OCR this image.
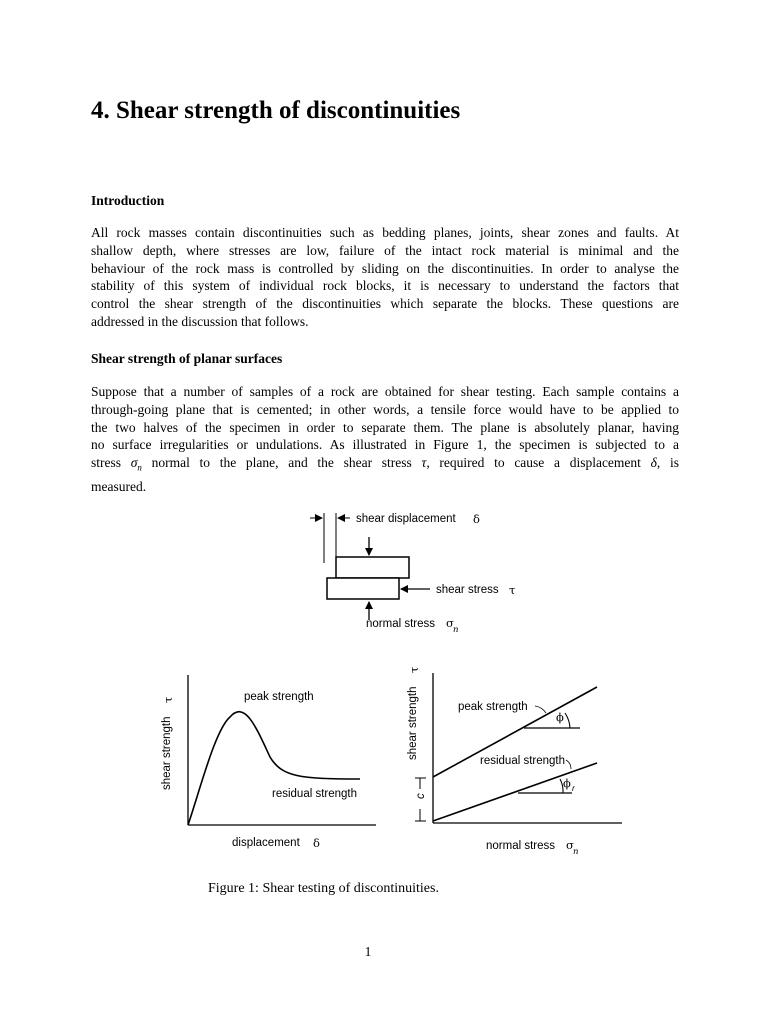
4. Shear strength of discontinuities
Introduction
All rock masses contain discontinuities such as bedding planes, joints, shear zones and faults. At
shallow depth, where stresses are low, failure of the intact rock material is minimal and the
behaviour of the rock mass is controlled by sliding on the discontinuities. In order to analyse the
stability of this system of individual rock blocks, it is necessary to understand the factors that
control the shear strength of the discontinuities which separate the blocks. These questions are
addressed in the discussion that follows.
Shear strength of planar surfaces
Suppose that a number of samples of a rock are obtained for shear testing. Each sample contains a
through-going plane that is cemented; in other words, a tensile force would have to be applied to
the two halves of the specimen in order to separate them. The plane is absolutely planar, having
no surface irregularities or undulations. As illustrated in Figure 1, the specimen is subjected to a
stress $\sigma_n$ normal to the plane, and the shear stress τ, required to cause a displacement δ, is
measured.
shear displacement δ
shear stress τ
normal stress σ n
peak strength
residual strength
shear strength
τ
displacement δ
ϕ
ϕ r
peak strength
residual strength
c
shear strength
τ
normal stress σ n

Figure 1: Shear testing of discontinuities.

1
